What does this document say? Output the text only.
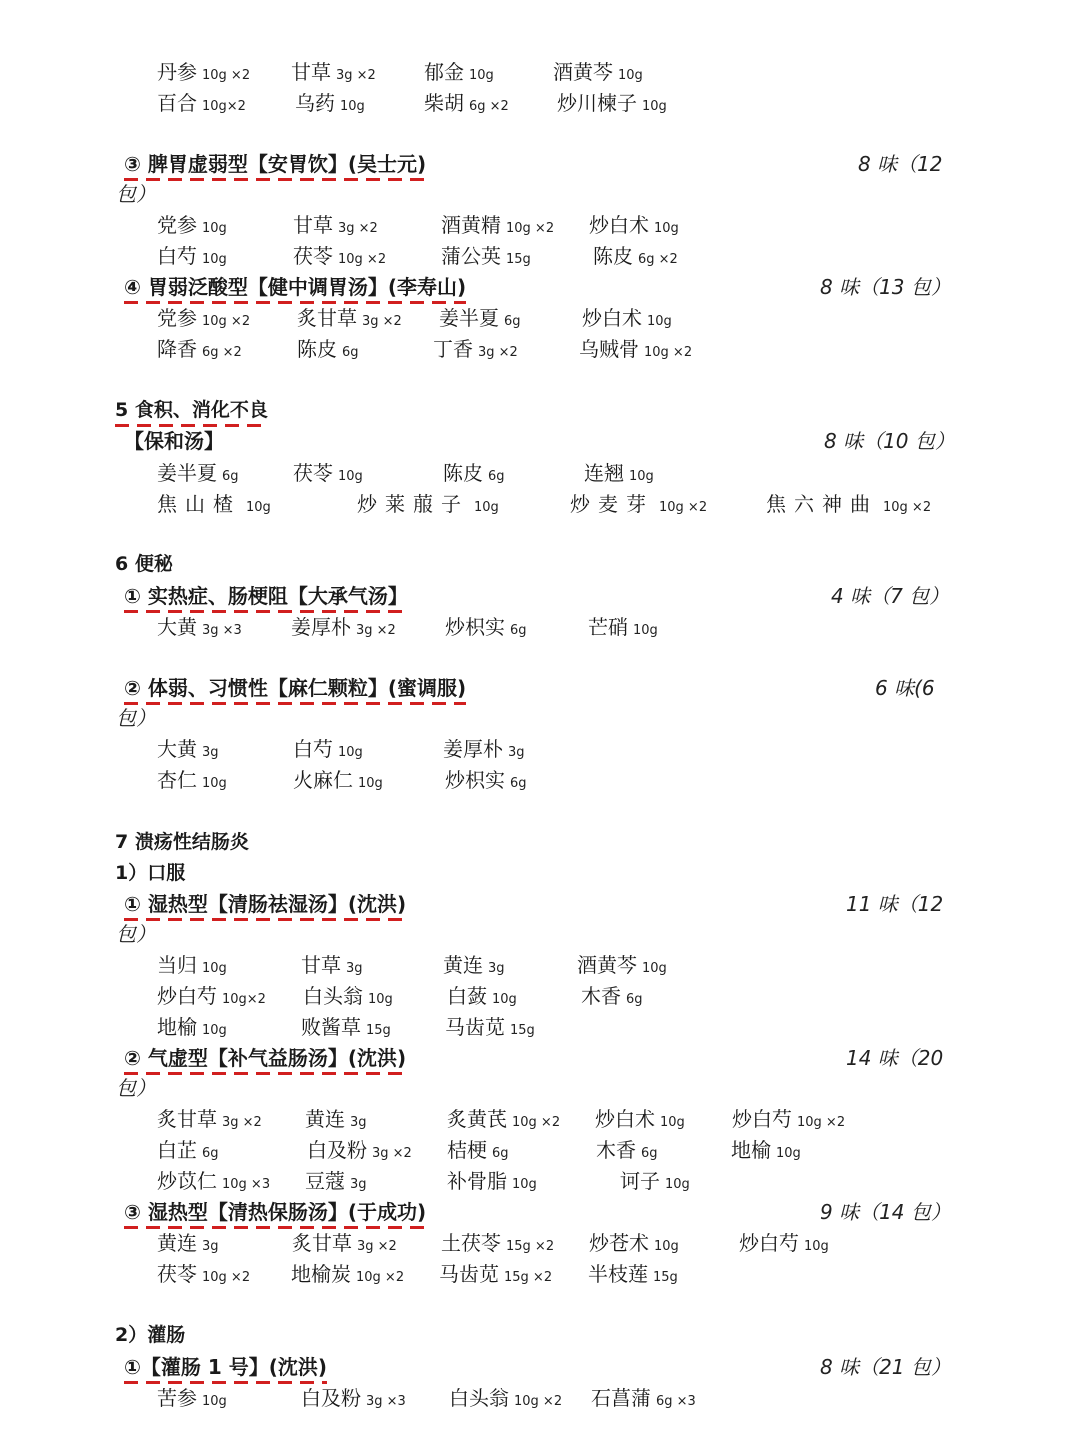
丹参 10g ×2 甘草 3g ×2 郁金 10g	酒黄芩 10g
百合 10g×2 乌药 10g	柴胡 6g ×2 炒川楝子 10g
③ 脾胃虚弱型【安胃饮】(吴士元)	8 味（12
包）
党参 10g	甘草 3g ×2	酒黄精 10g ×2 炒白术 10g
白芍 10g	茯苓 10g ×2	蒲公英 15g	陈皮 6g ×2
④ 胃弱泛酸型【健中调胃汤】(李寿山)	8 味（13 包）
党参 10g ×2 炙甘草 3g ×2 姜半夏 6g	炒白术 10g
降香 6g ×2	陈皮 6g	丁香 3g ×2	乌贼骨 10g ×2
5 食积、消化不良
【保和汤】	8 味（10 包）
姜半夏 6g	茯苓 10g	陈皮 6g	连翘 10g
焦山楂 10g	炒莱菔子 10g	炒麦芽 10g ×2	焦六神曲 10g ×2
6 便秘
① 实热症、肠梗阻【大承气汤】	4 味（7 包）
大黄 3g ×3 姜厚朴 3g ×2 炒枳实 6g	芒硝 10g
② 体弱、习惯性【麻仁颗粒】(蜜调服)	6 味(6
包）
大黄 3g	白芍 10g	姜厚朴 3g
杏仁 10g	火麻仁 10g	炒枳实 6g
7 溃疡性结肠炎
1）口服
① 湿热型【清肠祛湿汤】(沈洪)	11 味（12
包）
当归 10g	甘草 3g	黄连 3g	酒黄芩 10g
炒白芍 10g×2 白头翁 10g	白蔹 10g	木香 6g
地榆 10g	败酱草 15g	马齿苋 15g
② 气虚型【补气益肠汤】(沈洪)	14 味（20
包）
炙甘草 3g ×2 黄连 3g	炙黄芪 10g ×2 炒白术 10g 炒白芍 10g ×2
白芷 6g	白及粉 3g ×2 桔梗 6g	木香 6g	地榆 10g
炒苡仁 10g ×3 豆蔻 3g	补骨脂 10g	诃子 10g
③ 湿热型【清热保肠汤】(于成功)	9 味（14 包）
黄连 3g	炙甘草 3g ×2 土茯苓 15g ×2 炒苍术 10g	炒白芍 10g
茯苓 10g ×2 地榆炭 10g ×2 马齿苋 15g ×2 半枝莲 15g
2）灌肠
①【灌肠 1 号】(沈洪)	8 味（21 包）
苦参 10g	白及粉 3g ×3 白头翁 10g ×2 石菖蒲 6g ×3
